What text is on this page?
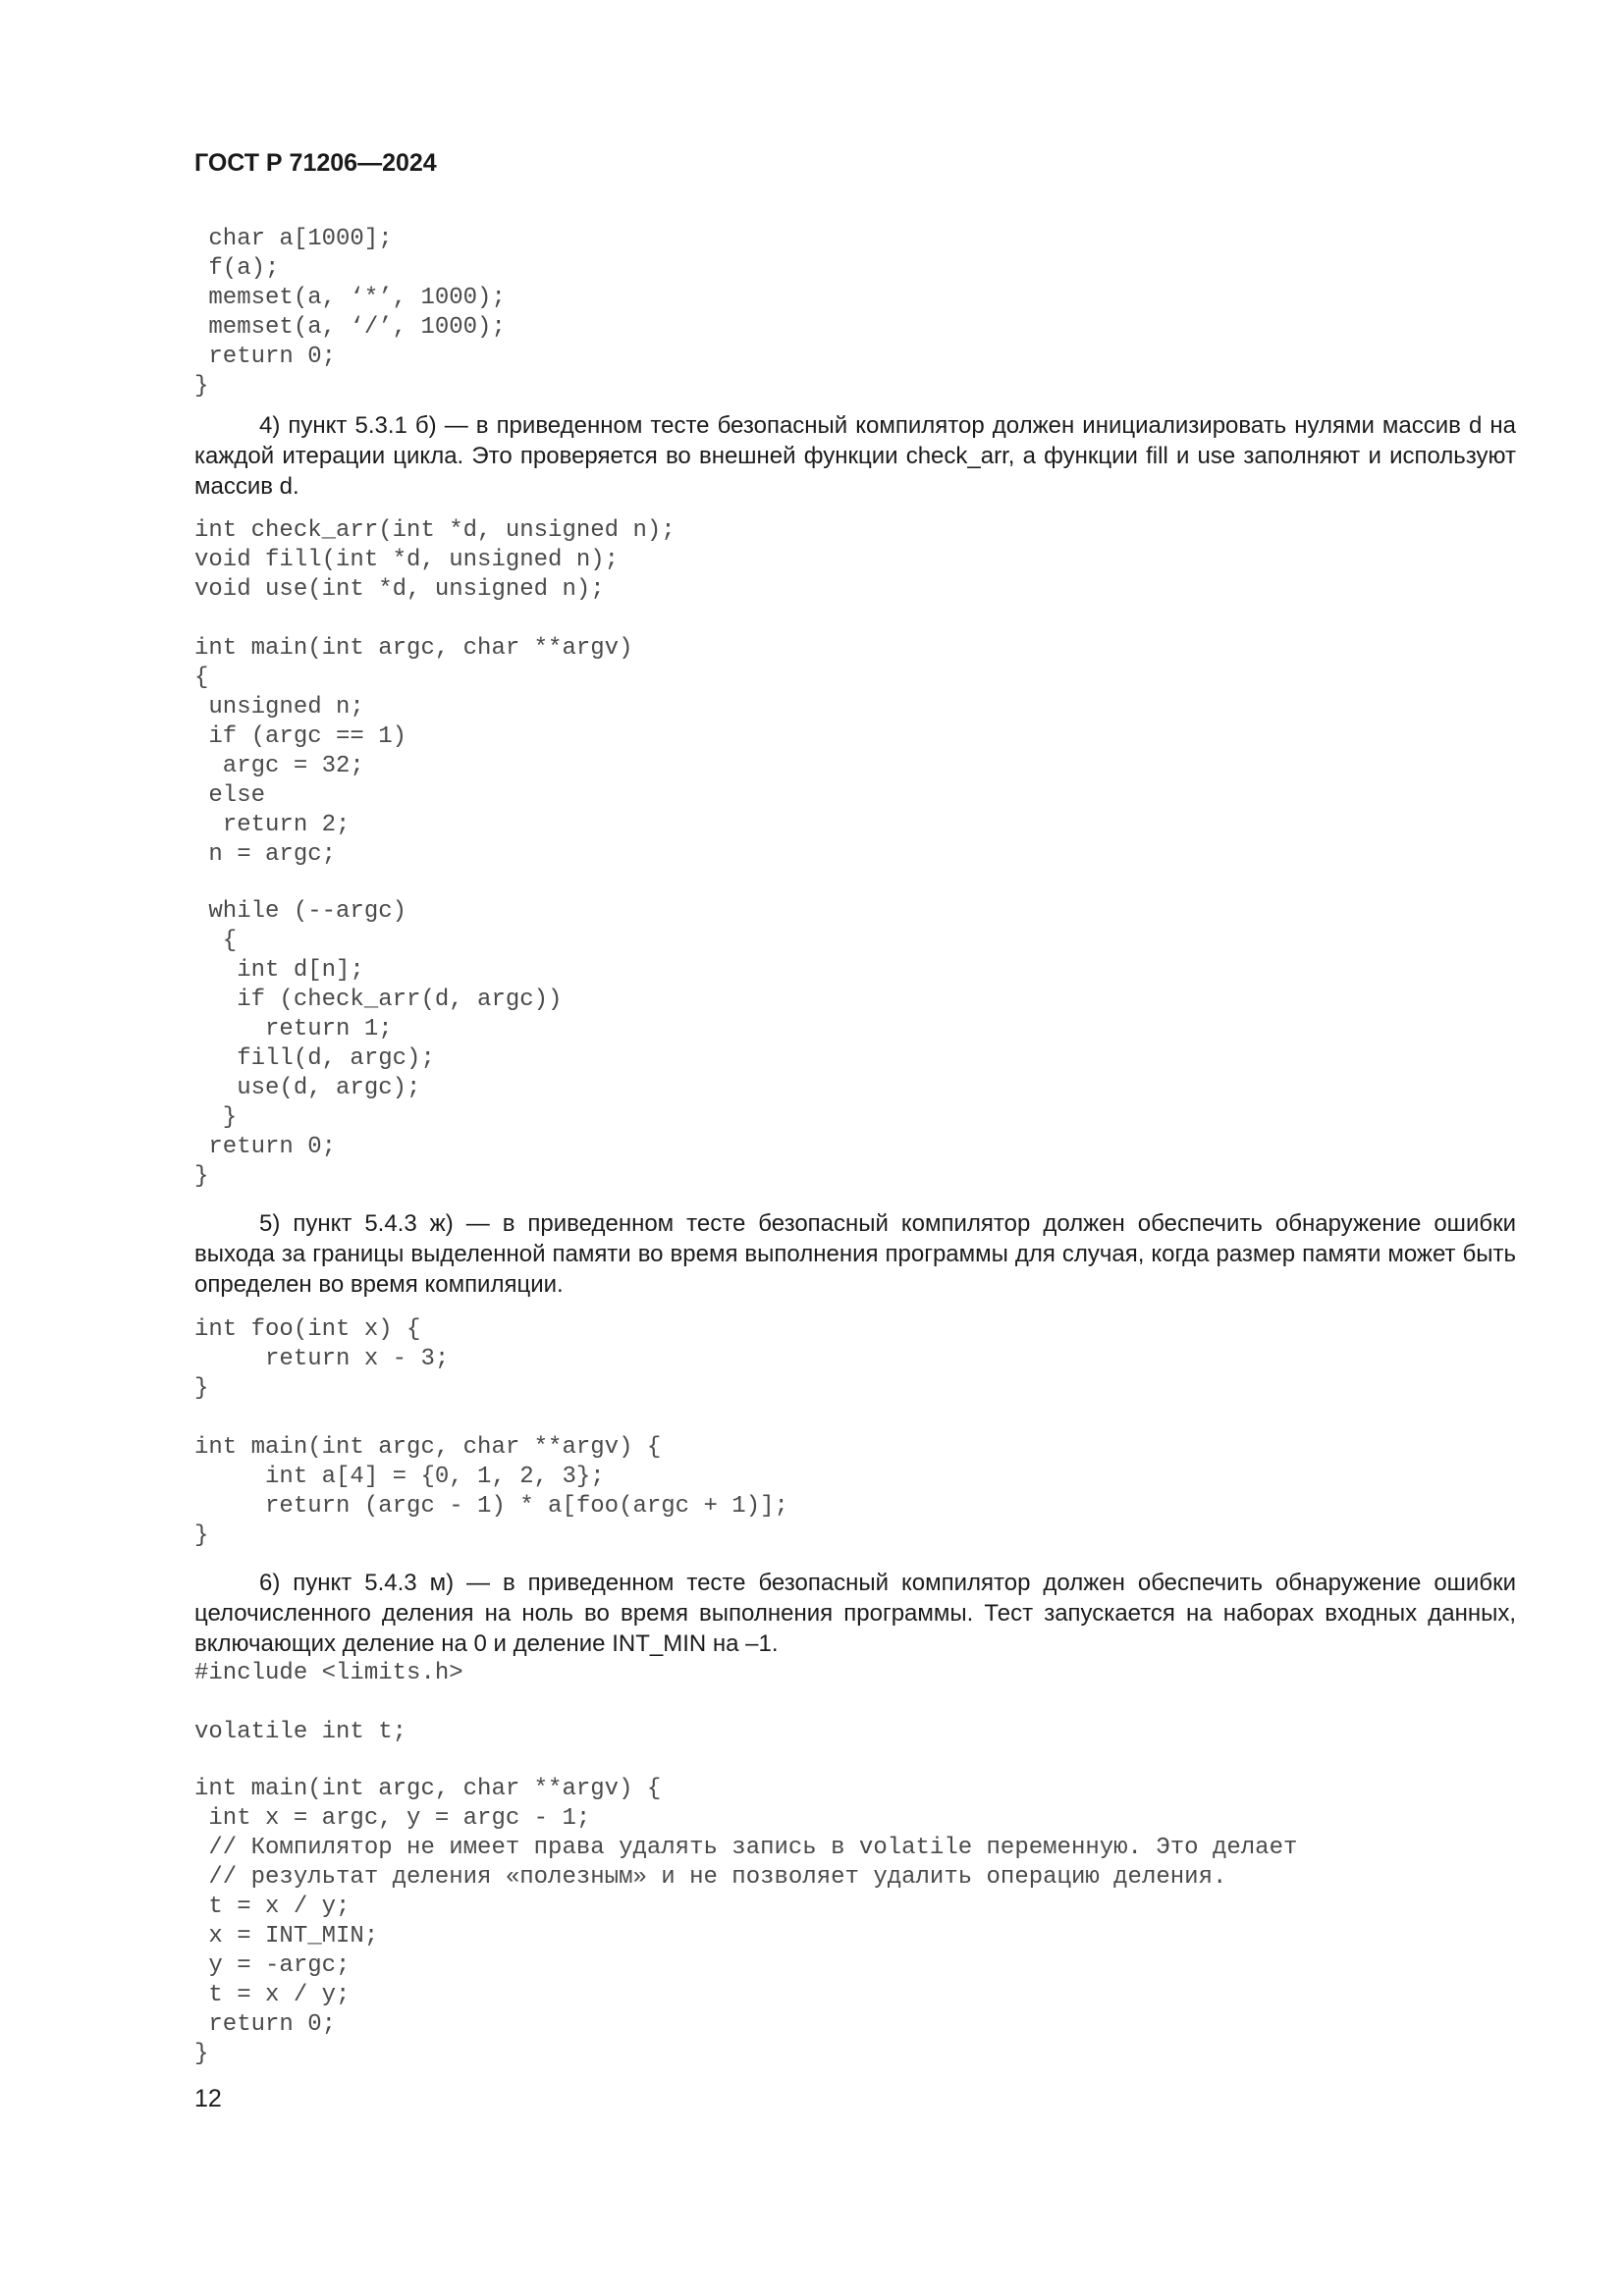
ГОСТ Р 71206—2024
char a[1000];
f(a);
memset(a, ‘*’, 1000);
memset(a, ‘/’, 1000);
return 0;
}

4) пункт 5.3.1 б) — в приведенном тесте безопасный компилятор должен инициализировать нулями массив d на каждой итерации цикла. Это проверяется во внешней функции check_arr, а функции fill и use заполняют и используют массив d.

int check_arr(int *d, unsigned n);
void fill(int *d, unsigned n);
void use(int *d, unsigned n);

int main(int argc, char **argv)
{
unsigned n;
if (argc == 1)
argc = 32;
else
return 2;
n = argc;
while (--argc)
{
int d[n];
if (check_arr(d, argc))
return 1;
fill(d, argc);
use(d, argc);
}
return 0;
}

5) пункт 5.4.3 ж) — в приведенном тесте безопасный компилятор должен обеспечить обнаружение ошибки выхода за границы выделенной памяти во время выполнения программы для случая, когда размер памяти может быть определен во время компиляции.

int foo(int x) {
return x - 3;
}

int main(int argc, char **argv) {
int a[4] = {0, 1, 2, 3};
return (argc - 1) * a[foo(argc + 1)];
}

6) пункт 5.4.3 м) — в приведенном тесте безопасный компилятор должен обеспечить обнаружение ошибки целочисленного деления на ноль во время выполнения программы. Тест запускается на наборах входных данных, включающих деление на 0 и деление INT_MIN на –1.

#include <limits.h>

volatile int t;

int main(int argc, char **argv) {
int x = argc, y = argc - 1;
// Компилятор не имеет права удалять запись в volatile переменную. Это делает
// результат деления «полезным» и не позволяет удалить операцию деления.
t = x / y;
x = INT_MIN;
y = -argc;
t = x / y;
return 0;
}

12
